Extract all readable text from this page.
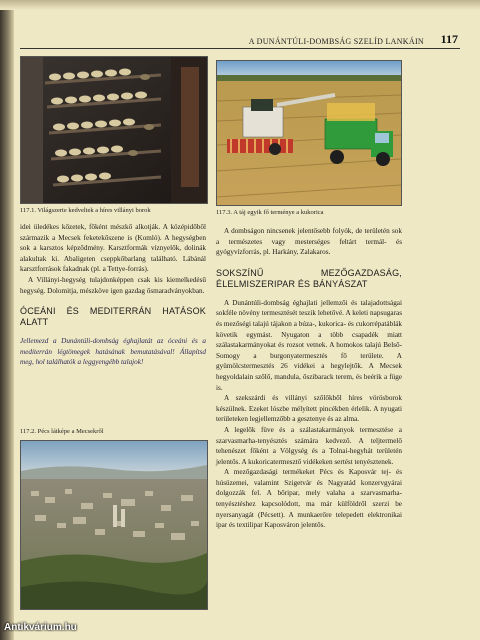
A DUNÁNTÚLI-DOMBSÁG SZELÍD LANKÁIN 117
117.1. Világszerte kedveltek a híres villányi borok	117.3. A táj egyik fő terménye a kukorica

idei üledékes kőzetek, főként mészkő alkotják. A középidőből származik a Mecsek feketekőszene is (Komló). A hegységben sok a karsztos képződmény. Karsztformák víznyelők, dolinák alakultak ki. Abaligeten cseppkőbarlang található. Lábánál karsztforrások fakadnak (pl. a Tettye-forrás).

A Villányi-hegység tulajdonképpen csak kis kiemelkedésű hegység. Dolomitja, mészköve igen gazdag ősmaradványokban.

ÓCEÁNI ÉS MEDITERRÁN HATÁSOK ALATT

Jellemezd a Dunántúli-dombság éghajlatát az óceáni és a mediterrán légtömegek hatásának bemutatásával! Állapítsd meg, hol találhatók a leggyengébb talajok!

117.2. Pécs látképe a Mecsekről

A dombságon nincsenek jelentősebb folyók, de területén sok a természetes vagy mesterséges feltárt termál- és gyógyvízforrás, pl. Harkány, Zalakaros.

SOKSZÍNŰ MEZŐGAZDASÁG, ÉLELMISZERIPAR ÉS BÁNYÁSZAT

A Dunántúli-dombság éghajlati jellemzői és talajadottságai sokféle növény termesztését teszik lehetővé. A keleti napsugaras és mezőségi talajú tájakon a búza-, kukorica- és cukorrépatáblák követik egymást. Nyugaton a több csapadék miatt szálastakarmányokat és rozsot vetnek. A homokos talajú Belső-Somogy a burgonyatermesztés fő területe. A gyümölcstermesztés 26 vidékei a hegylejtők. A Mecsek hegyoldalain szőlő, mandula, őszibarack terem, és beérik a füge is.

A szekszárdi és villányi szőlőkből híres vörösborok készülnek. Ezeket lószbe mélyített pincékben érlelik. A nyugati területeken legjellemzőbb a gesztenye és az alma.

A legelők füve és a szálastakarmányok termesztése a szarvasmarha-tenyésztés számára kedvező. A teljtermelő tehenészet főként a Völgység és a Tolnai-hegyhát területén jelentős. A kukoricatermesztő vidékeken sertést tenyésztenek.

A mezőgazdasági termékeket Pécs és Kaposvár tej- és húsüzemei, valamint Szigetvár és Nagyatád konzervgyárai dolgozzák fel. A bőripar, mely valaha a szarvasmarha-tenyésztéshez kapcsolódott, ma már külföldről szerzi be nyersanyagát (Pécsett). A munkaerőre telepedett elektronikai ipar és textilipar Kaposváron jelentős.

Antikvárium.hu
